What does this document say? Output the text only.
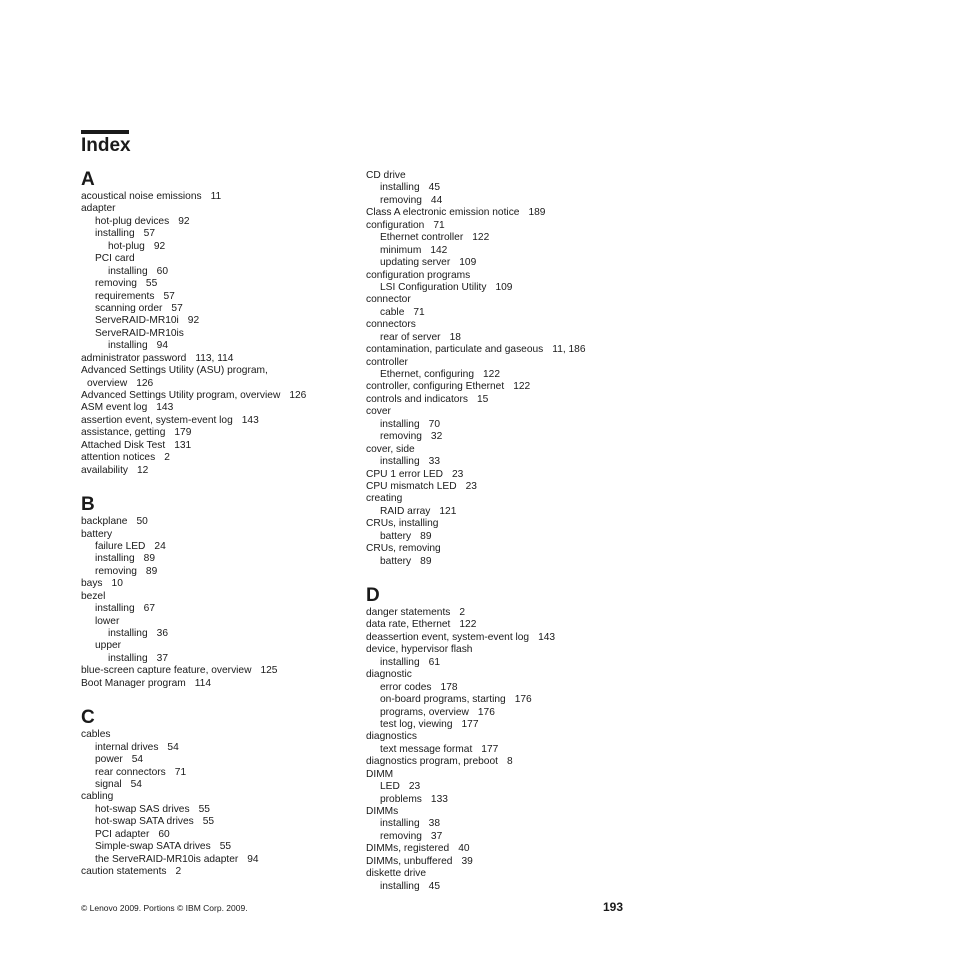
Index
A
acoustical noise emissions 11
adapter
hot-plug devices 92
installing 57
hot-plug 92
PCI card
installing 60
removing 55
requirements 57
scanning order 57
ServeRAID-MR10i 92
ServeRAID-MR10is
installing 94
administrator password 113, 114
Advanced Settings Utility (ASU) program,
overview 126
Advanced Settings Utility program, overview 126
ASM event log 143
assertion event, system-event log 143
assistance, getting 179
Attached Disk Test 131
attention notices 2
availability 12
B
backplane 50
battery
failure LED 24
installing 89
removing 89
bays 10
bezel
installing 67
lower
installing 36
upper
installing 37
blue-screen capture feature, overview 125
Boot Manager program 114
C
cables
internal drives 54
power 54
rear connectors 71
signal 54
cabling
hot-swap SAS drives 55
hot-swap SATA drives 55
PCI adapter 60
Simple-swap SATA drives 55
the ServeRAID-MR10is adapter 94
caution statements 2
CD drive
installing 45
removing 44
Class A electronic emission notice 189
configuration 71
Ethernet controller 122
minimum 142
updating server 109
configuration programs
LSI Configuration Utility 109
connector
cable 71
connectors
rear of server 18
contamination, particulate and gaseous 11, 186
controller
Ethernet, configuring 122
controller, configuring Ethernet 122
controls and indicators 15
cover
installing 70
removing 32
cover, side
installing 33
CPU 1 error LED 23
CPU mismatch LED 23
creating
RAID array 121
CRUs, installing
battery 89
CRUs, removing
battery 89
D
danger statements 2
data rate, Ethernet 122
deassertion event, system-event log 143
device, hypervisor flash
installing 61
diagnostic
error codes 178
on-board programs, starting 176
programs, overview 176
test log, viewing 177
diagnostics
text message format 177
diagnostics program, preboot 8
DIMM
LED 23
problems 133
DIMMs
installing 38
removing 37
DIMMs, registered 40
DIMMs, unbuffered 39
diskette drive
installing 45
© Lenovo 2009. Portions © IBM Corp. 2009.	193
